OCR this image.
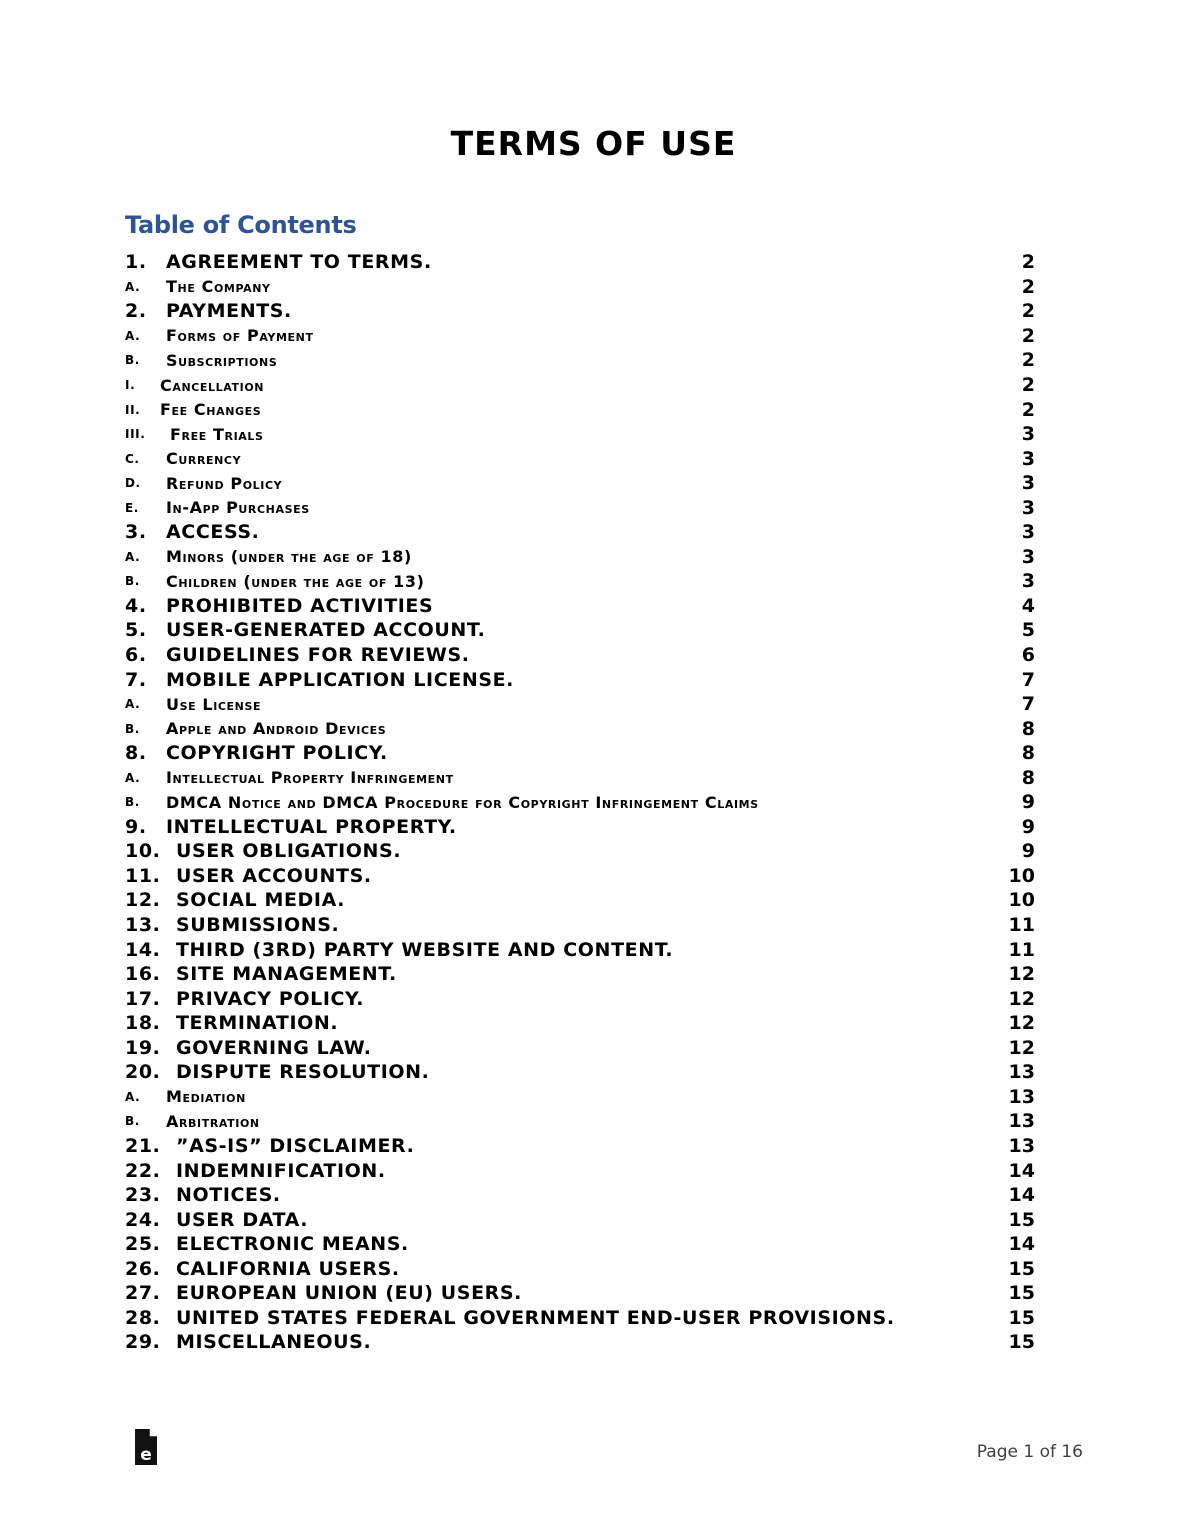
TERMS OF USE
Table of Contents
1.	AGREEMENT TO TERMS.	2
A.	The Company	2
2.	PAYMENTS.	2
A.	Forms of Payment	2
B.	Subscriptions	2
I.	Cancellation	2
II.	Fee Changes	2
III.	Free Trials	3
C.	Currency	3
D.	Refund Policy	3
E.	In-App Purchases	3
3.	ACCESS.	3
A.	Minors (under the age of 18)	3
B.	Children (under the age of 13)	3
4.	PROHIBITED ACTIVITIES	4
5.	USER-GENERATED ACCOUNT.	5
6.	GUIDELINES FOR REVIEWS.	6
7.	MOBILE APPLICATION LICENSE.	7
A.	Use License	7
B.	Apple and Android Devices	8
8.	COPYRIGHT POLICY.	8
A.	Intellectual Property Infringement	8
B.	DMCA Notice and DMCA Procedure for Copyright Infringement Claims	9
9.	INTELLECTUAL PROPERTY.	9
10. USER OBLIGATIONS.	9
11. USER ACCOUNTS.	10
12. SOCIAL MEDIA.	10
13. SUBMISSIONS.	11
14. THIRD (3RD) PARTY WEBSITE AND CONTENT.	11
16. SITE MANAGEMENT.	12
17. PRIVACY POLICY.	12
18. TERMINATION.	12
19. GOVERNING LAW.	12
20. DISPUTE RESOLUTION.	13
A.	Mediation	13
B.	Arbitration	13
21. ”AS-IS” DISCLAIMER.	13
22. INDEMNIFICATION.	14
23. NOTICES.	14
24. USER DATA.	15
25. ELECTRONIC MEANS.	14
26. CALIFORNIA USERS.	15
27. EUROPEAN UNION (EU) USERS.	15
28. UNITED STATES FEDERAL GOVERNMENT END-USER PROVISIONS.	15
29. MISCELLANEOUS.	15
e	Page 1 of 16
